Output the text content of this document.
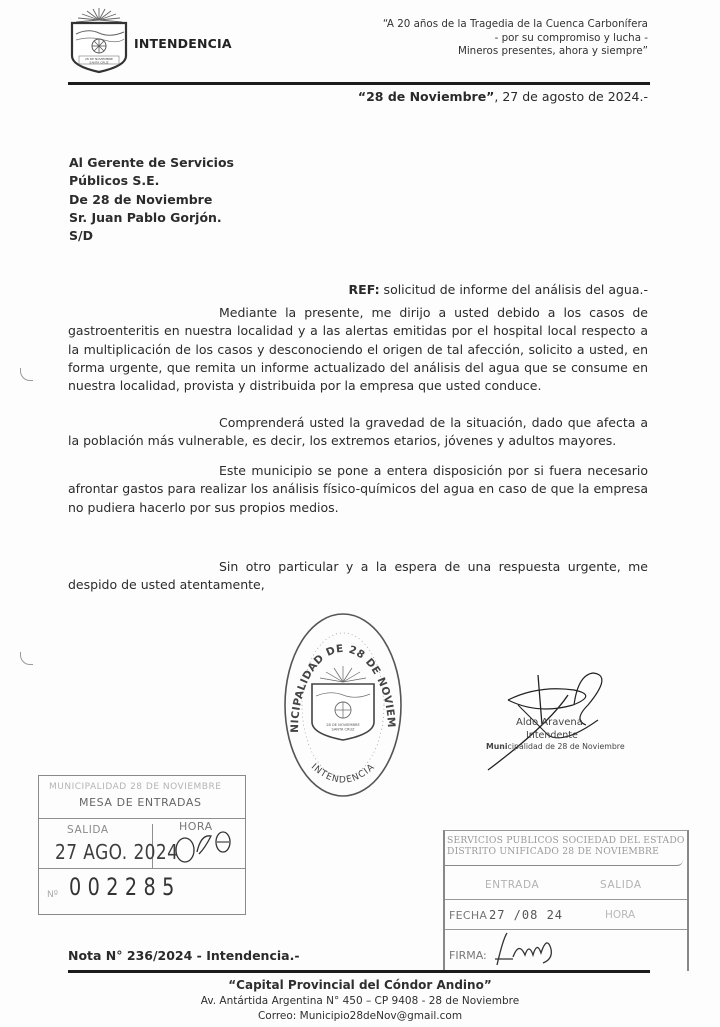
28 DE NOVIEMBRE
SANTA CRUZ
INTENDENCIA
“A 20 años de la Tragedia de la Cuenca Carbonífera
- por su compromiso y lucha -
Mineros presentes, ahora y siempre”
“28 de Noviembre”, 27 de agosto de 2024.-
Al Gerente de Servicios
Públicos S.E.
De 28 de Noviembre
Sr. Juan Pablo Gorjón.
S/D
REF: solicitud de informe del análisis del agua.-

Mediante la presente, me dirijo a usted debido a los casos de gastroenteritis en nuestra localidad y a las alertas emitidas por el hospital local respecto a la multiplicación de los casos y desconociendo el origen de tal afección, solicito a usted, en forma urgente, que remita un informe actualizado del análisis del agua que se consume en nuestra localidad, provista y distribuida por la empresa que usted conduce.

Comprenderá usted la gravedad de la situación, dado que afecta a la población más vulnerable, es decir, los extremos etarios, jóvenes y adultos mayores.

Este municipio se pone a entera disposición por si fuera necesario afrontar gastos para realizar los análisis físico-químicos del agua en caso de que la empresa no pudiera hacerlo por sus propios medios.

Sin otro particular y a la espera de una respuesta urgente, me despido de usted atentamente,

NICIPALIDAD DE 28 DE NOVIEM
INTENDENCIA
28 DE NOVIEMBRE
SANTA CRUZ
Aldo Aravena
Intendente
Municipalidad de 28 de Noviembre
MUNICIPALIDAD 28 DE NOVIEMBRE
MESA DE ENTRADAS
SALIDA	HORA
27 AGO. 2024
Nº 002285
SERVICIOS PUBLICOS SOCIEDAD DEL ESTADO
DISTRITO UNIFICADO 28 DE NOVIEMBRE
ENTRADA	SALIDA
FECHA 27 /08 24	HORA
FIRMA:
Nota N° 236/2024 - Intendencia.-
“Capital Provincial del Cóndor Andino”
Av. Antártida Argentina N° 450 – CP 9408 - 28 de Noviembre
Correo: Municipio28deNov@gmail.com
